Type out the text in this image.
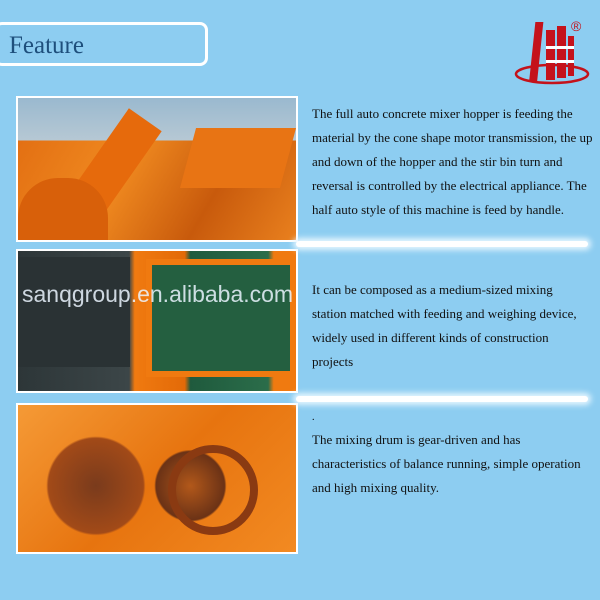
Feature
®
sanqgroup.en.alibaba.com
The full auto concrete mixer hopper is feeding the material by the cone shape motor transmission, the up and down of the hopper and the stir bin turn and reversal is controlled by the electrical appliance. The half auto style of this machine is feed by handle.
It can be composed as a medium-sized mixing station matched with feeding and weighing device, widely used in different kinds of construction projects
.
The mixing drum is gear-driven and has characteristics of balance running, simple operation and high mixing quality.
